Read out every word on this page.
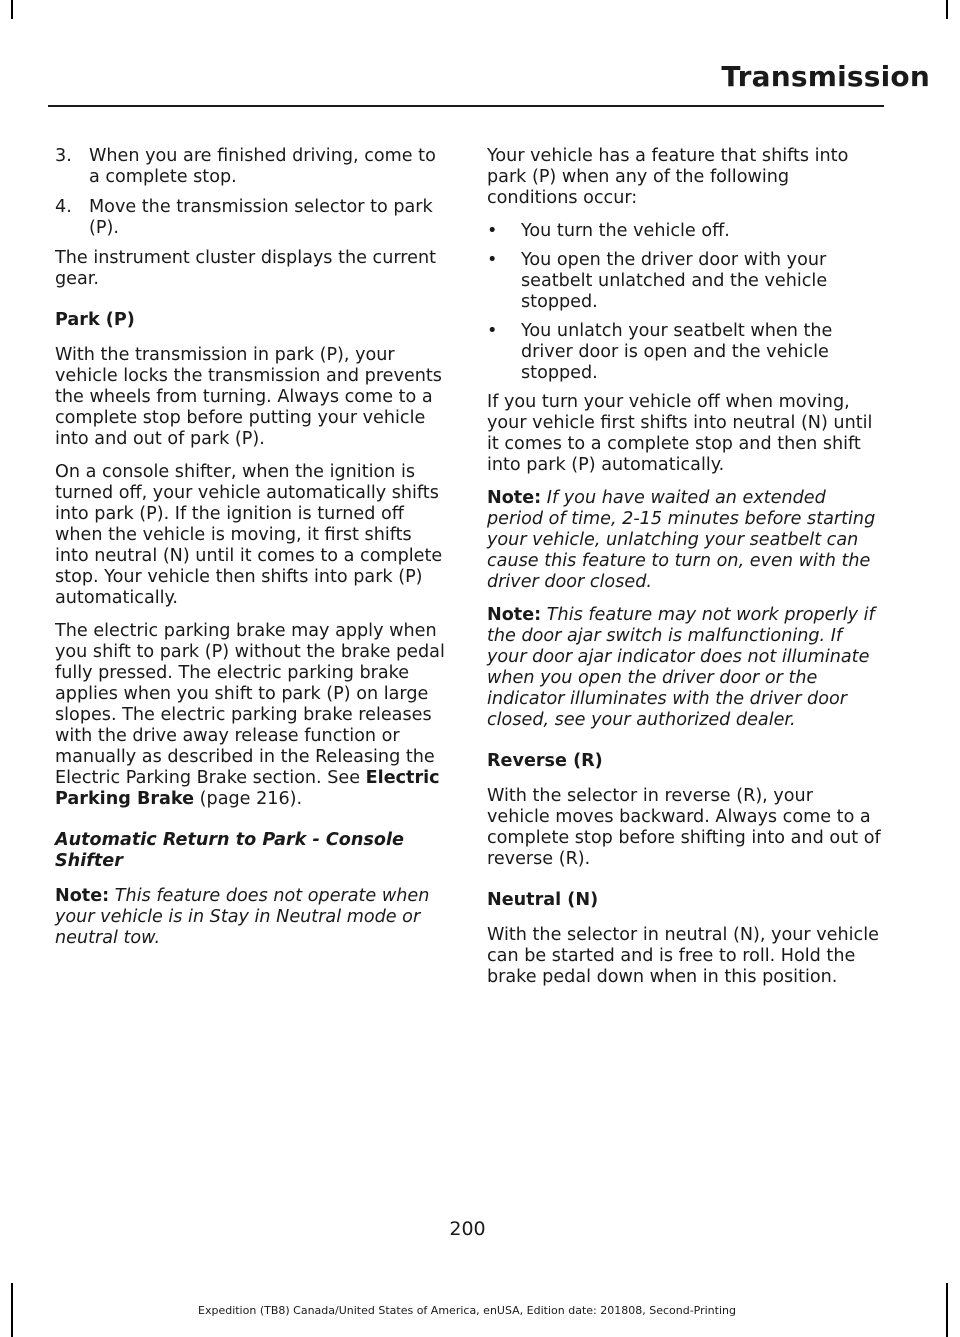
Transmission
3. When you are finished driving, come to a complete stop.
4. Move the transmission selector to park (P).

The instrument cluster displays the current gear.

Park (P)

With the transmission in park (P), your vehicle locks the transmission and prevents the wheels from turning. Always come to a complete stop before putting your vehicle into and out of park (P).

On a console shifter, when the ignition is turned off, your vehicle automatically shifts into park (P). If the ignition is turned off when the vehicle is moving, it first shifts into neutral (N) until it comes to a complete stop. Your vehicle then shifts into park (P) automatically.

The electric parking brake may apply when you shift to park (P) without the brake pedal fully pressed. The electric parking brake applies when you shift to park (P) on large slopes. The electric parking brake releases with the drive away release function or manually as described in the Releasing the Electric Parking Brake section. See Electric Parking Brake (page 216).

Automatic Return to Park - Console Shifter

Note: This feature does not operate when your vehicle is in Stay in Neutral mode or neutral tow.

Your vehicle has a feature that shifts into park (P) when any of the following conditions occur:

•	You turn the vehicle off.
•	You open the driver door with your seatbelt unlatched and the vehicle stopped.
•	You unlatch your seatbelt when the driver door is open and the vehicle stopped.

If you turn your vehicle off when moving, your vehicle first shifts into neutral (N) until it comes to a complete stop and then shift into park (P) automatically.

Note: If you have waited an extended period of time, 2-15 minutes before starting your vehicle, unlatching your seatbelt can cause this feature to turn on, even with the driver door closed.

Note: This feature may not work properly if the door ajar switch is malfunctioning. If your door ajar indicator does not illuminate when you open the driver door or the indicator illuminates with the driver door closed, see your authorized dealer.

Reverse (R)

With the selector in reverse (R), your vehicle moves backward. Always come to a complete stop before shifting into and out of reverse (R).

Neutral (N)

With the selector in neutral (N), your vehicle can be started and is free to roll. Hold the brake pedal down when in this position.

200
Expedition (TB8) Canada/United States of America, enUSA, Edition date: 201808, Second-Printing
